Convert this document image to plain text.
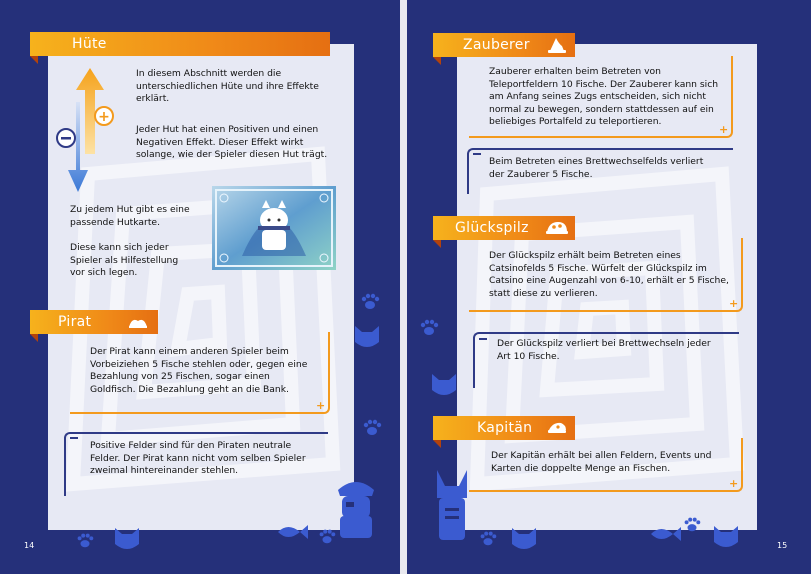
Hüte
+
In diesem Abschnitt werden die unterschiedlichen Hüte und ihre Effekte erklärt.
Jeder Hut hat einen Positiven und einen Negativen Effekt. Dieser Effekt wirkt solange, wie der Spieler diesen Hut trägt.
Zu jedem Hut gibt es eine passende Hutkarte.
Diese kann sich jeder Spieler als Hilfestellung vor sich legen.
Pirat
+
Der Pirat kann einem anderen Spieler beim Vorbeiziehen 5 Fische stehlen oder, gegen eine Bezahlung von 25 Fischen, sogar einen Goldfisch. Die Bezahlung geht an die Bank.
Positive Felder sind für den Piraten neutrale Felder. Der Pirat kann nicht vom selben Spieler zweimal hintereinander stehlen.
14
Zauberer
+
Zauberer erhalten beim Betreten von Teleportfeldern 10 Fische. Der Zauberer kann sich am Anfang seines Zugs entscheiden, sich nicht normal zu bewegen, sondern stattdessen auf ein beliebiges Portalfeld zu teleportieren.
Beim Betreten eines Brettwechselfelds verliert der Zauberer 5 Fische.
Glückspilz
+
Der Glückspilz erhält beim Betreten eines Catsinofelds 5 Fische. Würfelt der Glückspilz im Catsino eine Augenzahl von 6-10, erhält er 5 Fische, statt diese zu verlieren.
Der Glückspilz verliert bei Brettwechseln jeder Art 10 Fische.
Kapitän
+
Der Kapitän erhält bei allen Feldern, Events und Karten die doppelte Menge an Fischen.
15
